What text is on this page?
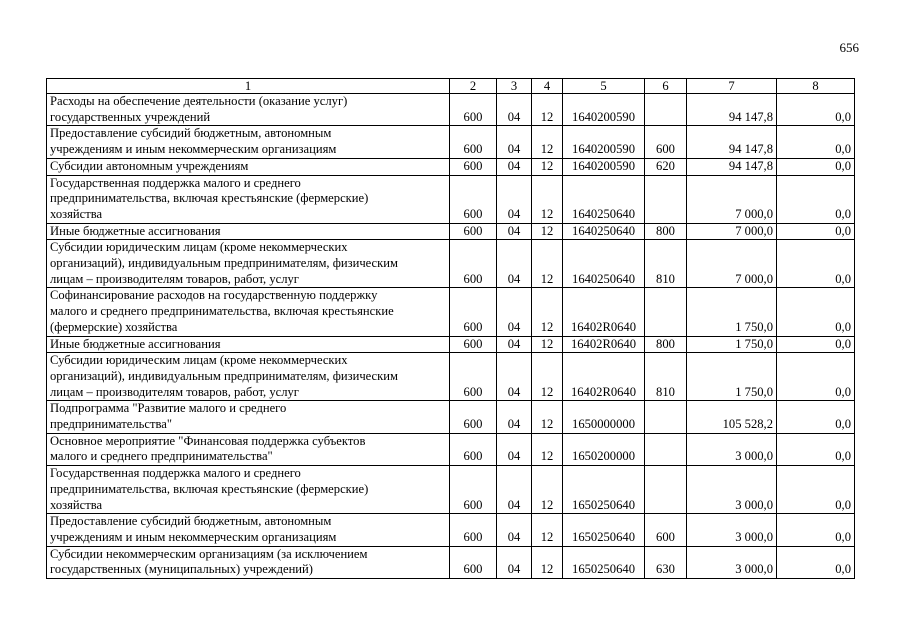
656
1	2	3	4	5	6	7	8

Расходы на обеспечение деятельности (оказание услуг)
государственных учреждений	600	04	12	1640200590		94 147,8	0,0

Предоставление субсидий бюджетным, автономным
учреждениям и иным некоммерческим организациям	600	04	12	1640200590	600	94 147,8	0,0

Субсидии автономным учреждениям	600	04	12	1640200590	620	94 147,8	0,0

Государственная поддержка малого и среднего
предпринимательства, включая крестьянские (фермерские)
хозяйства	600	04	12	1640250640		7 000,0	0,0

Иные бюджетные ассигнования	600	04	12	1640250640	800	7 000,0	0,0

Субсидии юридическим лицам (кроме некоммерческих
организаций), индивидуальным предпринимателям, физическим
лицам – производителям товаров, работ, услуг	600	04	12	1640250640	810	7 000,0	0,0

Софинансирование расходов на государственную поддержку
малого и среднего предпринимательства, включая крестьянские
(фермерские) хозяйства	600	04	12	16402R0640		1 750,0	0,0

Иные бюджетные ассигнования	600	04	12	16402R0640	800	1 750,0	0,0

Субсидии юридическим лицам (кроме некоммерческих
организаций), индивидуальным предпринимателям, физическим
лицам – производителям товаров, работ, услуг	600	04	12	16402R0640	810	1 750,0	0,0

Подпрограмма "Развитие малого и среднего
предпринимательства"	600	04	12	1650000000		105 528,2	0,0

Основное мероприятие "Финансовая поддержка субъектов
малого и среднего предпринимательства"	600	04	12	1650200000		3 000,0	0,0

Государственная поддержка малого и среднего
предпринимательства, включая крестьянские (фермерские)
хозяйства	600	04	12	1650250640		3 000,0	0,0

Предоставление субсидий бюджетным, автономным
учреждениям и иным некоммерческим организациям	600	04	12	1650250640	600	3 000,0	0,0

Субсидии некоммерческим организациям (за исключением
государственных (муниципальных) учреждений)	600	04	12	1650250640	630	3 000,0	0,0
